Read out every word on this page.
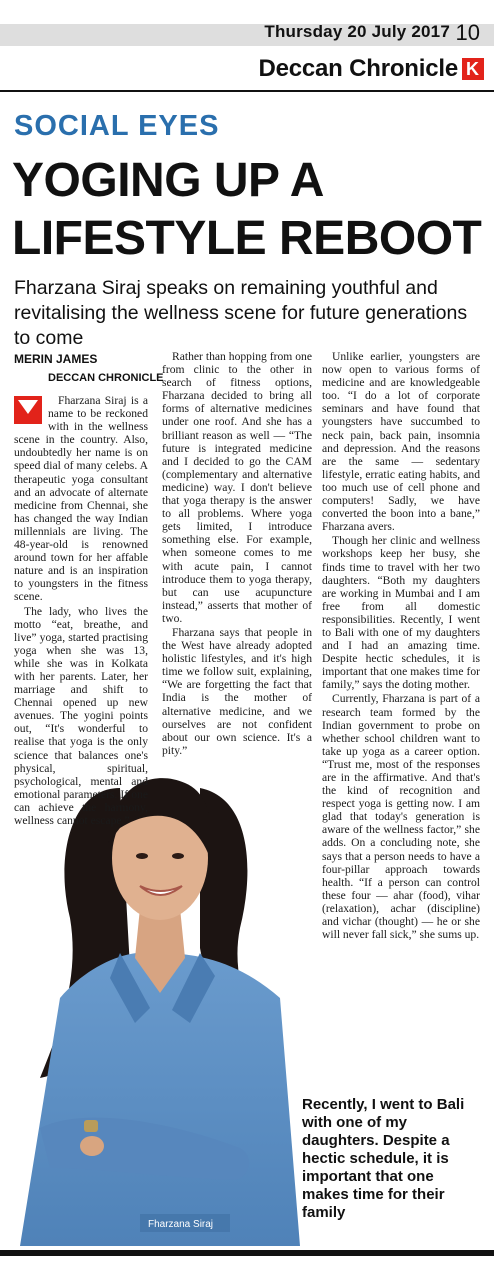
Thursday 20 July 2017 10
Deccan Chronicle K
SOCIAL EYES
YOGING UP A LIFESTYLE REBOOT
Fharzana Siraj speaks on remaining youthful and revitalising the wellness scene for future generations to come
MERIN JAMES
DECCAN CHRONICLE
Fharzana Siraj

Fharzana Siraj is a name to be reckoned with in the wellness scene in the country. Also, undoubtedly her name is on speed dial of many celebs. A therapeutic yoga consultant and an advocate of alternate medicine from Chennai, she has changed the way Indian millennials are living. The 48-year-old is renowned around town for her affable nature and is an inspiration to youngsters in the fitness scene.

The lady, who lives the motto “eat, breathe, and live” yoga, started practising yoga when she was 13, while she was in Kolkata with her parents. Later, her marriage and shift to Chennai opened up new avenues. The yogini points out, “It's wonderful to realise that yoga is the only science that balances one's physical, spiritual, psychological, mental and emotional parameters. If one can achieve the harmony, wellness cannot escape.”

Rather than hopping from one from clinic to the other in search of fitness options, Fharzana decided to bring all forms of alternative medicines under one roof. And she has a brilliant reason as well — “The future is integrated medicine and I decided to go the CAM (complementary and alternative medicine) way. I don't believe that yoga therapy is the answer to all problems. Where yoga gets limited, I introduce something else. For example, when someone comes to me with acute pain, I cannot introduce them to yoga therapy, but can use acupuncture instead,” asserts that mother of two.

Fharzana says that people in the West have already adopted holistic lifestyles, and it's high time we follow suit, explaining, “We are forgetting the fact that India is the mother of alternative medicine, and we ourselves are not confident about our own science. It's a pity.”

Unlike earlier, youngsters are now open to various forms of medicine and are knowledgeable too. “I do a lot of corporate seminars and have found that youngsters have succumbed to neck pain, back pain, insomnia and depression. And the reasons are the same — sedentary lifestyle, erratic eating habits, and too much use of cell phone and computers! Sadly, we have converted the boon into a bane,” Fharzana avers.

Though her clinic and wellness workshops keep her busy, she finds time to travel with her two daughters. “Both my daughters are working in Mumbai and I am free from all domestic responsibilities. Recently, I went to Bali with one of my daughters and I had an amazing time. Despite hectic schedules, it is important that one makes time for family,” says the doting mother.

Currently, Fharzana is part of a research team formed by the Indian government to probe on whether school children want to take up yoga as a career option. “Trust me, most of the responses are in the affirmative. And that's the kind of recognition and respect yoga is getting now. I am glad that today's generation is aware of the wellness factor,” she adds. On a concluding note, she says that a person needs to have a four-pillar approach towards health. “If a person can control these four — ahar (food), vihar (relaxation), achar (discipline) and vichar (thought) — he or she will never fall sick,” she sums up.

Recently, I went to Bali with one of my daughters. Despite a hectic schedule, it is important that one makes time for their family
